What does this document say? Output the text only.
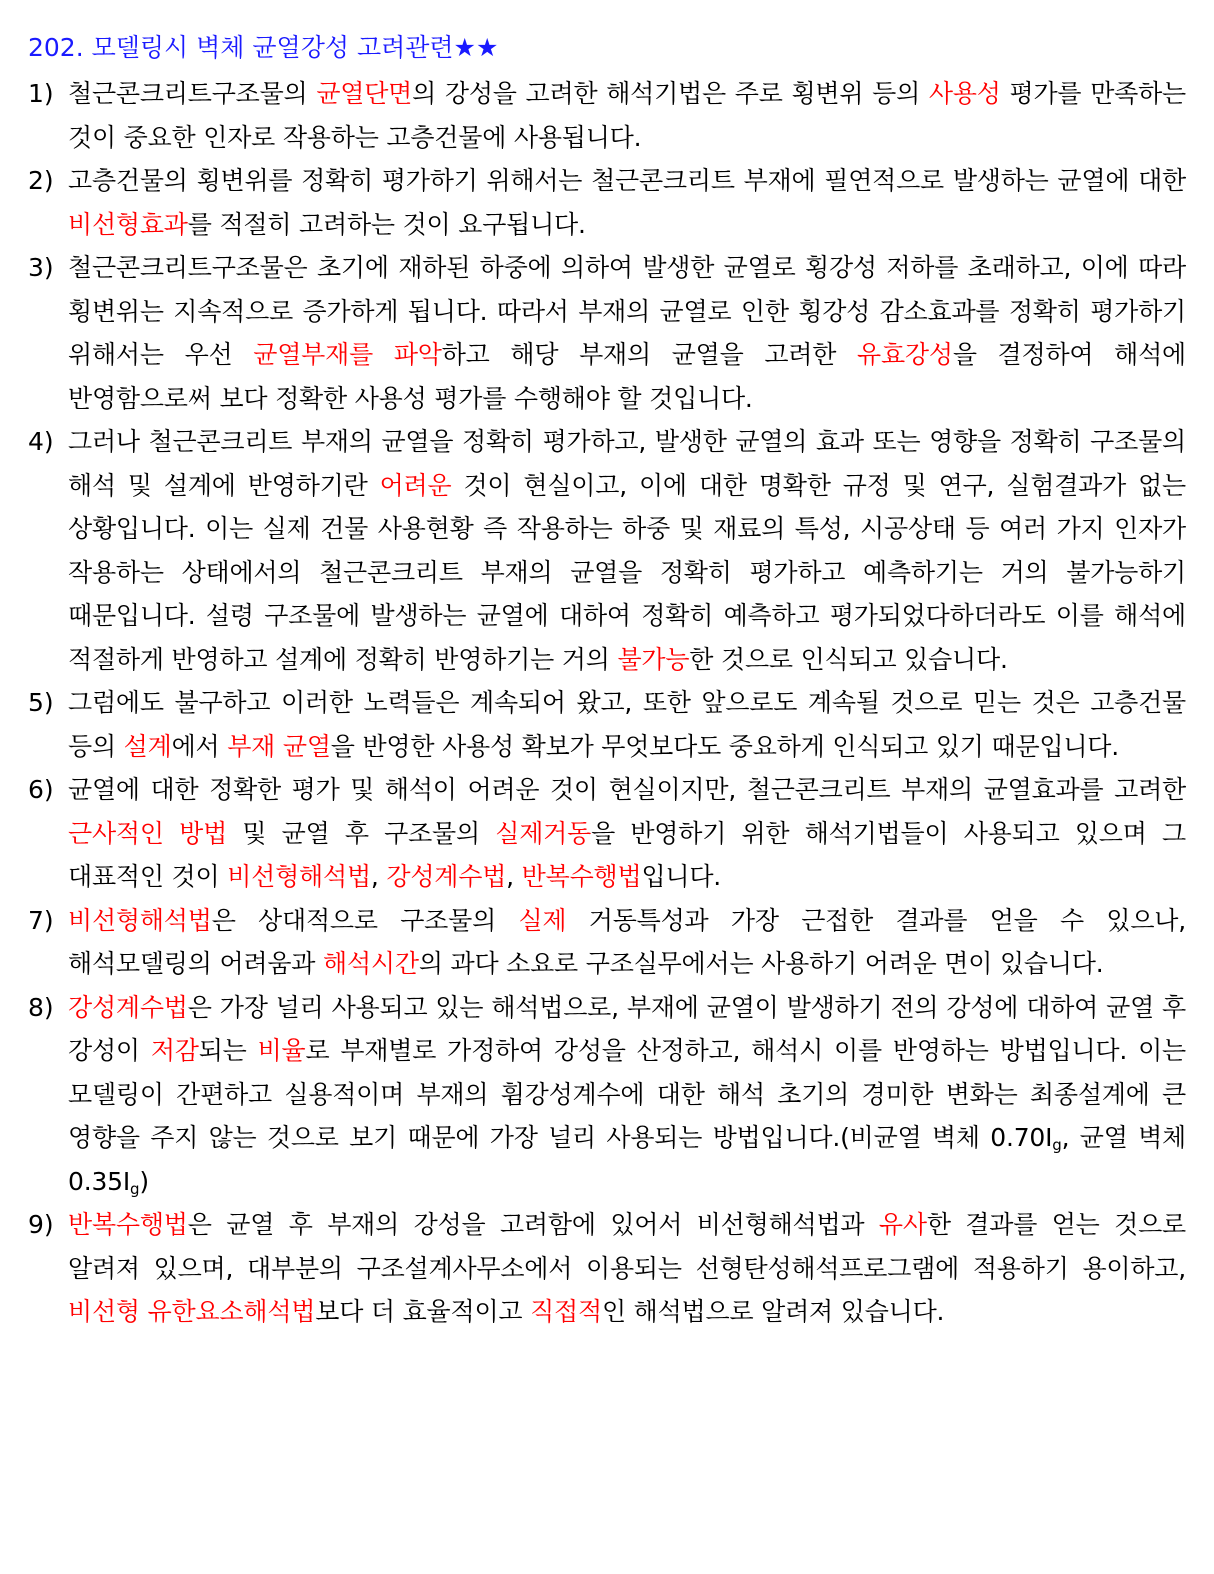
202. 모델링시 벽체 균열강성 고려관련★★
1) 철근콘크리트구조물의 균열단면의 강성을 고려한 해석기법은 주로 횡변위 등의 사용성 평가를 만족하는 것이 중요한 인자로 작용하는 고층건물에 사용됩니다.
2) 고층건물의 횡변위를 정확히 평가하기 위해서는 철근콘크리트 부재에 필연적으로 발생하는 균열에 대한 비선형효과를 적절히 고려하는 것이 요구됩니다.
3) 철근콘크리트구조물은 초기에 재하된 하중에 의하여 발생한 균열로 횡강성 저하를 초래하고, 이에 따라 횡변위는 지속적으로 증가하게 됩니다. 따라서 부재의 균열로 인한 횡강성 감소효과를 정확히 평가하기 위해서는 우선 균열부재를 파악하고 해당 부재의 균열을 고려한 유효강성을 결정하여 해석에 반영함으로써 보다 정확한 사용성 평가를 수행해야 할 것입니다.
4) 그러나 철근콘크리트 부재의 균열을 정확히 평가하고, 발생한 균열의 효과 또는 영향을 정확히 구조물의 해석 및 설계에 반영하기란 어려운 것이 현실이고, 이에 대한 명확한 규정 및 연구, 실험결과가 없는 상황입니다. 이는 실제 건물 사용현황 즉 작용하는 하중 및 재료의 특성, 시공상태 등 여러 가지 인자가 작용하는 상태에서의 철근콘크리트 부재의 균열을 정확히 평가하고 예측하기는 거의 불가능하기 때문입니다. 설령 구조물에 발생하는 균열에 대하여 정확히 예측하고 평가되었다하더라도 이를 해석에 적절하게 반영하고 설계에 정확히 반영하기는 거의 불가능한 것으로 인식되고 있습니다.
5) 그럼에도 불구하고 이러한 노력들은 계속되어 왔고, 또한 앞으로도 계속될 것으로 믿는 것은 고층건물 등의 설계에서 부재 균열을 반영한 사용성 확보가 무엇보다도 중요하게 인식되고 있기 때문입니다.
6) 균열에 대한 정확한 평가 및 해석이 어려운 것이 현실이지만, 철근콘크리트 부재의 균열효과를 고려한 근사적인 방법 및 균열 후 구조물의 실제거동을 반영하기 위한 해석기법들이 사용되고 있으며 그 대표적인 것이 비선형해석법, 강성계수법, 반복수행법입니다.
7) 비선형해석법은 상대적으로 구조물의 실제 거동특성과 가장 근접한 결과를 얻을 수 있으나, 해석모델링의 어려움과 해석시간의 과다 소요로 구조실무에서는 사용하기 어려운 면이 있습니다.
8) 강성계수법은 가장 널리 사용되고 있는 해석법으로, 부재에 균열이 발생하기 전의 강성에 대하여 균열 후 강성이 저감되는 비율로 부재별로 가정하여 강성을 산정하고, 해석시 이를 반영하는 방법입니다. 이는 모델링이 간편하고 실용적이며 부재의 휨강성계수에 대한 해석 초기의 경미한 변화는 최종설계에 큰 영향을 주지 않는 것으로 보기 때문에 가장 널리 사용되는 방법입니다.(비균열 벽체 $0.70I_g$, 균열 벽체 $0.35I_g$)
9) 반복수행법은 균열 후 부재의 강성을 고려함에 있어서 비선형해석법과 유사한 결과를 얻는 것으로 알려져 있으며, 대부분의 구조설계사무소에서 이용되는 선형탄성해석프로그램에 적용하기 용이하고, 비선형 유한요소해석법보다 더 효율적이고 직접적인 해석법으로 알려져 있습니다.
